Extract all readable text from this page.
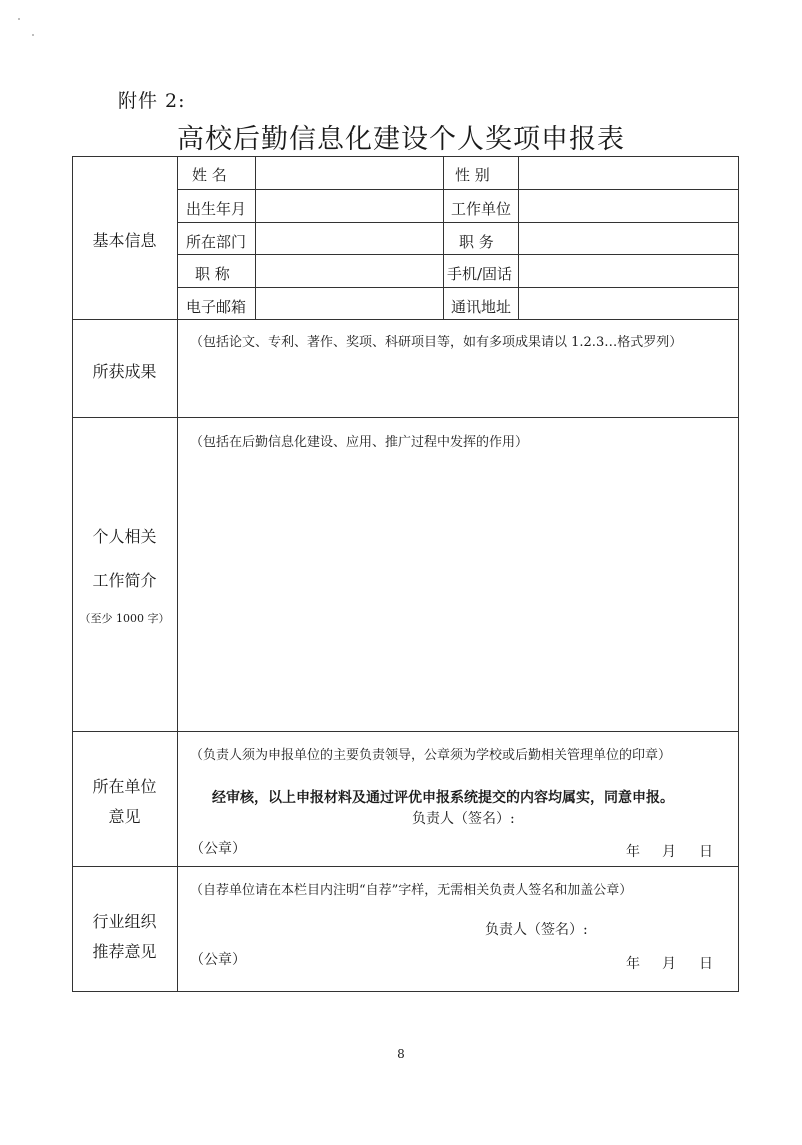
附件 2:
高校后勤信息化建设个人奖项申报表
基本信息
姓 名	性 别
出生年月	工作单位
所在部门	职 务
职 称	手机/固话
电子邮箱	通讯地址
所获成果
（包括论文、专利、著作、奖项、科研项目等，如有多项成果请以 1.2.3…格式罗列）
个人相关
工作简介
（至少 1000 字）
（包括在后勤信息化建设、应用、推广过程中发挥的作用）
所在单位
意见
（负责人须为申报单位的主要负责领导，公章须为学校或后勤相关管理单位的印章）
经审核，以上申报材料及通过评优申报系统提交的内容均属实，同意申报。
负责人（签名）:
（公章）	年 月 日
行业组织
推荐意见
（自荐单位请在本栏目内注明“自荐”字样，无需相关负责人签名和加盖公章）
负责人（签名）:
（公章）	年 月 日
8
